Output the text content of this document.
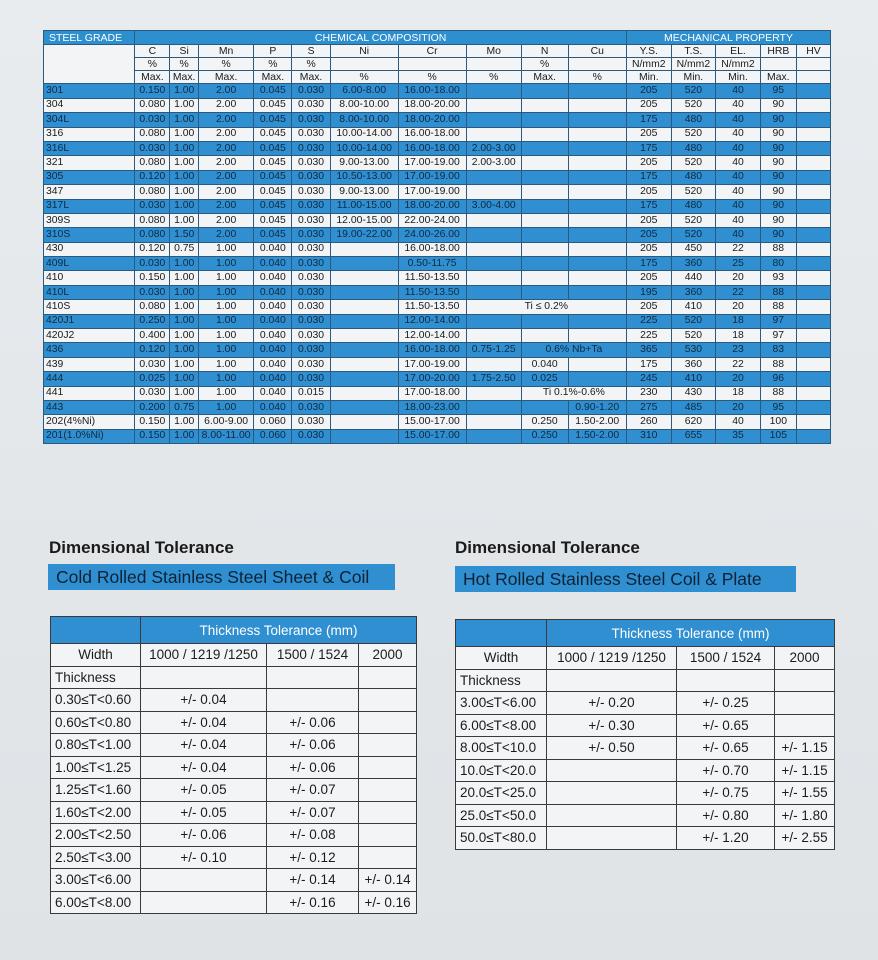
STEEL GRADE	CHEMICAL COMPOSITION										MECHANICAL PROPERTY				
	C	Si	Mn	P	S	Ni	Cr	Mo	N	Cu	Y.S.	T.S.	EL.	HRB	HV
	%	%	%	%	%				%		N/mm2	N/mm2	N/mm2		
	Max.	Max.	Max.	Max.	Max.	%	%	%	Max.	%	Min.	Min.	Min.	Max.	
301	0.150	1.00	2.00	0.045	0.030	6.00-8.00	16.00-18.00				205	520	40	95	
304	0.080	1.00	2.00	0.045	0.030	8.00-10.00	18.00-20.00				205	520	40	90	
304L	0.030	1.00	2.00	0.045	0.030	8.00-10.00	18.00-20.00				175	480	40	90	
316	0.080	1.00	2.00	0.045	0.030	10.00-14.00	16.00-18.00				205	520	40	90	
316L	0.030	1.00	2.00	0.045	0.030	10.00-14.00	16.00-18.00	2.00-3.00			175	480	40	90	
321	0.080	1.00	2.00	0.045	0.030	9.00-13.00	17.00-19.00	2.00-3.00			205	520	40	90	
305	0.120	1.00	2.00	0.045	0.030	10.50-13.00	17.00-19.00				175	480	40	90	
347	0.080	1.00	2.00	0.045	0.030	9.00-13.00	17.00-19.00				205	520	40	90	
317L	0.030	1.00	2.00	0.045	0.030	11.00-15.00	18.00-20.00	3.00-4.00			175	480	40	90	
309S	0.080	1.00	2.00	0.045	0.030	12.00-15.00	22.00-24.00				205	520	40	90	
310S	0.080	1.50	2.00	0.045	0.030	19.00-22.00	24.00-26.00				205	520	40	90	
430	0.120	0.75	1.00	0.040	0.030		16.00-18.00				205	450	22	88	
409L	0.030	1.00	1.00	0.040	0.030		0.50-11.75				175	360	25	80	
410	0.150	1.00	1.00	0.040	0.030		11.50-13.50				205	440	20	93	
410L	0.030	1.00	1.00	0.040	0.030		11.50-13.50				195	360	22	88	
410S	0.080	1.00	1.00	0.040	0.030		11.50-13.50	Ti ≤ 0.2%			205	410	20	88	
420J1	0.250	1.00	1.00	0.040	0.030		12.00-14.00				225	520	18	97	
420J2	0.400	1.00	1.00	0.040	0.030		12.00-14.00				225	520	18	97	
436	0.120	1.00	1.00	0.040	0.030		16.00-18.00	0.75-1.25	0.6% Nb+Ta		365	530	23	83	
439	0.030	1.00	1.00	0.040	0.030		17.00-19.00		0.040		175	360	22	88	
444	0.025	1.00	1.00	0.040	0.030		17.00-20.00	1.75-2.50	0.025		245	410	20	96	
441	0.030	1.00	1.00	0.040	0.015		17.00-18.00		Ti 0.1%-0.6%		230	430	18	88	
443	0.200	0.75	1.00	0.040	0.030		18.00-23.00			0.90-1.20	275	485	20	95	
202(4%Ni)	0.150	1.00	6.00-9.00	0.060	0.030		15.00-17.00		0.250	1.50-2.00	260	620	40	100	
201(1.0%Ni)	0.150	1.00	8.00-11.00	0.060	0.030		15.00-17.00		0.250	1.50-2.00	310	655	35	105	
Dimensional Tolerance
Cold Rolled Stainless Steel Sheet & Coil
Dimensional Tolerance
Hot Rolled Stainless Steel Coil & Plate
	Thickness Tolerance (mm)		
Width	1000 / 1219 /1250	1500 / 1524	2000
Thickness			
0.30≤T<0.60	+/- 0.04		
0.60≤T<0.80	+/- 0.04	+/- 0.06	
0.80≤T<1.00	+/- 0.04	+/- 0.06	
1.00≤T<1.25	+/- 0.04	+/- 0.06	
1.25≤T<1.60	+/- 0.05	+/- 0.07	
1.60≤T<2.00	+/- 0.05	+/- 0.07	
2.00≤T<2.50	+/- 0.06	+/- 0.08	
2.50≤T<3.00	+/- 0.10	+/- 0.12	
3.00≤T<6.00		+/- 0.14	+/- 0.14
6.00≤T<8.00		+/- 0.16	+/- 0.16
	Thickness Tolerance (mm)		
Width	1000 / 1219 /1250	1500 / 1524	2000
Thickness			
3.00≤T<6.00	+/- 0.20	+/- 0.25	
6.00≤T<8.00	+/- 0.30	+/- 0.65	
8.00≤T<10.0	+/- 0.50	+/- 0.65	+/- 1.15
10.0≤T<20.0		+/- 0.70	+/- 1.15
20.0≤T<25.0		+/- 0.75	+/- 1.55
25.0≤T<50.0		+/- 0.80	+/- 1.80
50.0≤T<80.0		+/- 1.20	+/- 2.55
